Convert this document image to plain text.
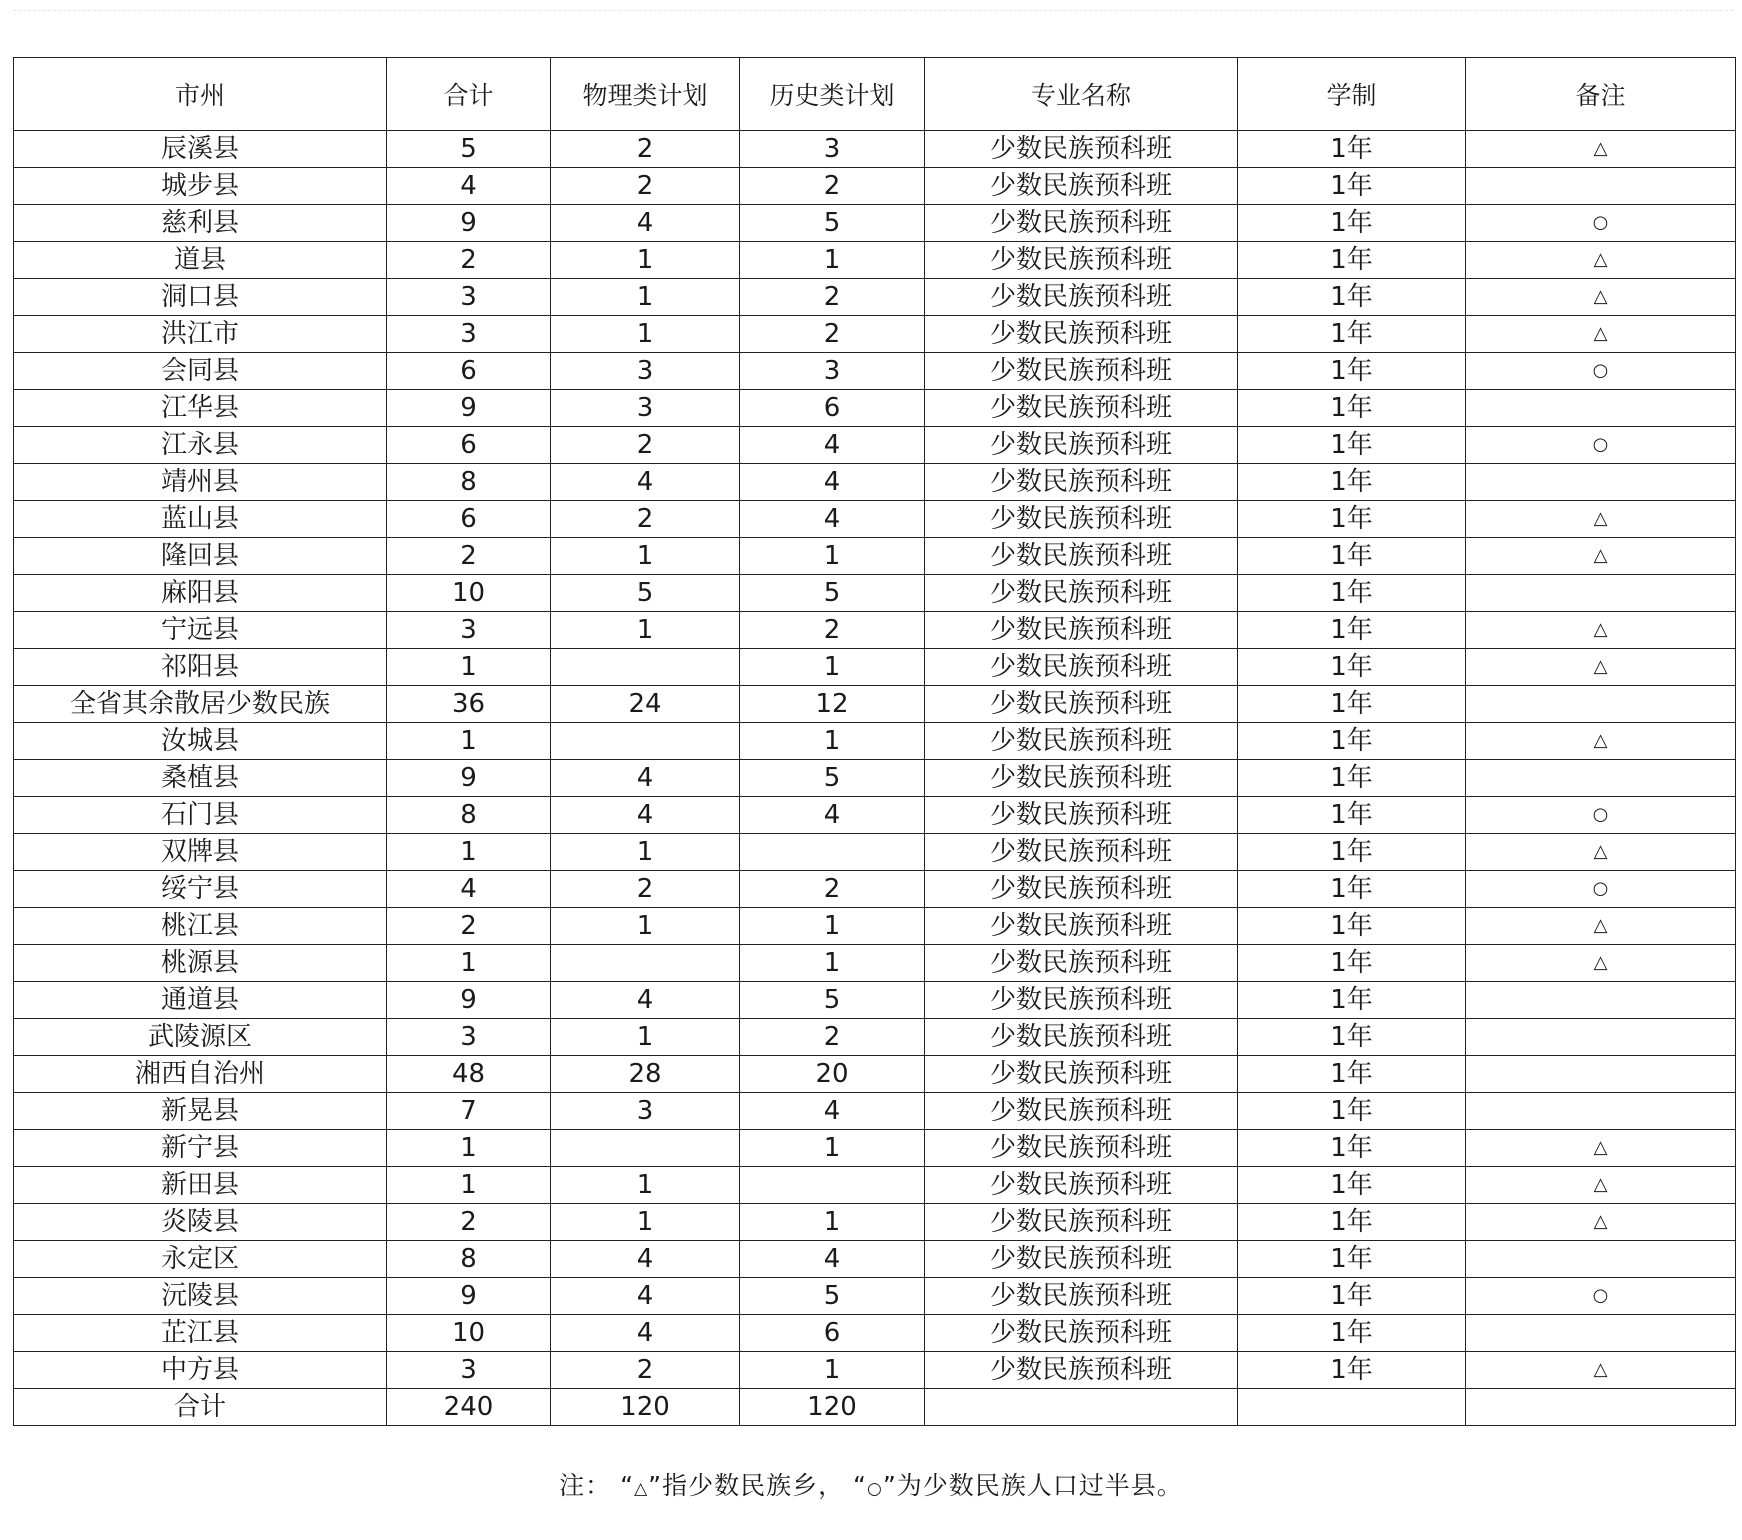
市州	合计	物理类计划	历史类计划	专业名称	学制	备注
辰溪县	5	2	3	少数民族预科班	1年	△
城步县	4	2	2	少数民族预科班	1年	
慈利县	9	4	5	少数民族预科班	1年	○
道县	2	1	1	少数民族预科班	1年	△
洞口县	3	1	2	少数民族预科班	1年	△
洪江市	3	1	2	少数民族预科班	1年	△
会同县	6	3	3	少数民族预科班	1年	○
江华县	9	3	6	少数民族预科班	1年	
江永县	6	2	4	少数民族预科班	1年	○
靖州县	8	4	4	少数民族预科班	1年	
蓝山县	6	2	4	少数民族预科班	1年	△
隆回县	2	1	1	少数民族预科班	1年	△
麻阳县	10	5	5	少数民族预科班	1年	
宁远县	3	1	2	少数民族预科班	1年	△
祁阳县	1		1	少数民族预科班	1年	△
全省其余散居少数民族	36	24	12	少数民族预科班	1年	
汝城县	1		1	少数民族预科班	1年	△
桑植县	9	4	5	少数民族预科班	1年	
石门县	8	4	4	少数民族预科班	1年	○
双牌县	1	1		少数民族预科班	1年	△
绥宁县	4	2	2	少数民族预科班	1年	○
桃江县	2	1	1	少数民族预科班	1年	△
桃源县	1		1	少数民族预科班	1年	△
通道县	9	4	5	少数民族预科班	1年	
武陵源区	3	1	2	少数民族预科班	1年	
湘西自治州	48	28	20	少数民族预科班	1年	
新晃县	7	3	4	少数民族预科班	1年	
新宁县	1		1	少数民族预科班	1年	△
新田县	1	1		少数民族预科班	1年	△
炎陵县	2	1	1	少数民族预科班	1年	△
永定区	8	4	4	少数民族预科班	1年	
沅陵县	9	4	5	少数民族预科班	1年	○
芷江县	10	4	6	少数民族预科班	1年	
中方县	3	2	1	少数民族预科班	1年	△
合计	240	120	120			
注： “△”指少数民族乡， “○”为少数民族人口过半县。
